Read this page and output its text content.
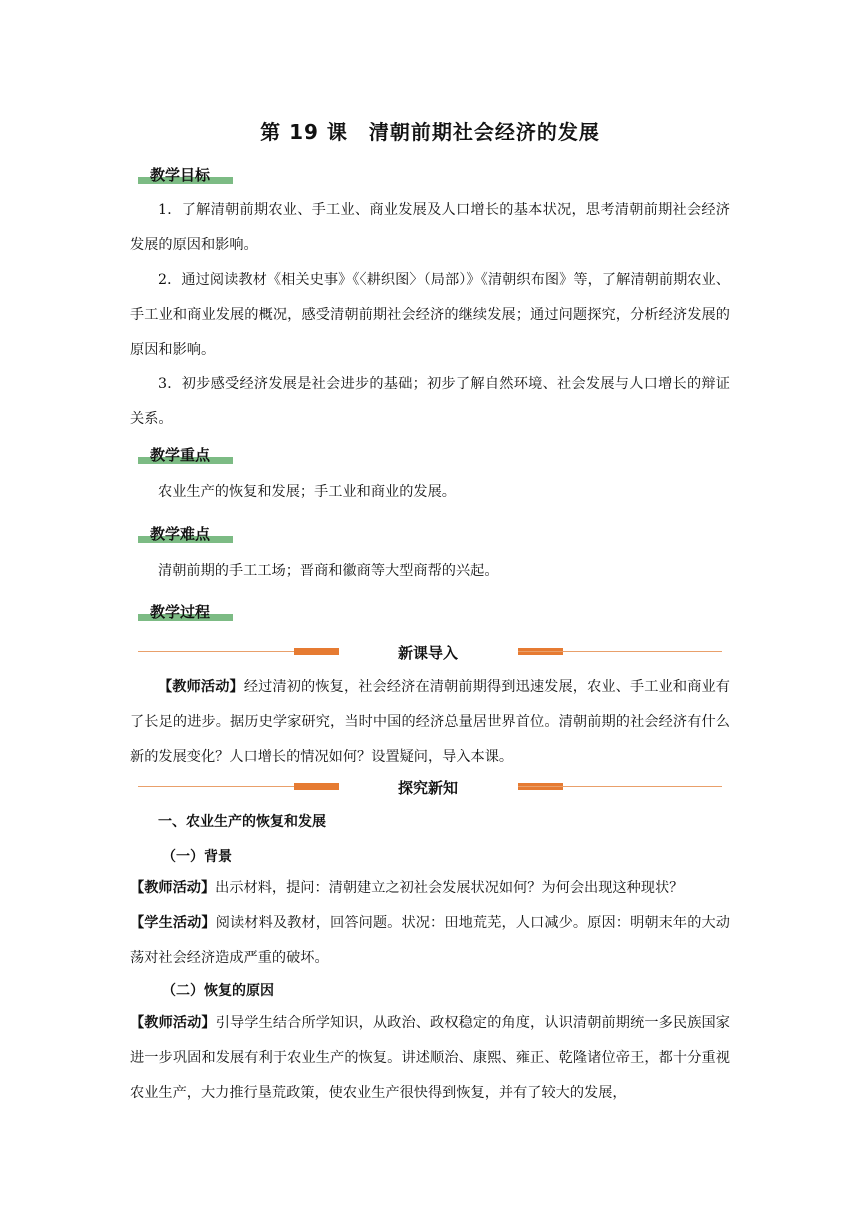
第 19 课　清朝前期社会经济的发展
教学目标
1．了解清朝前期农业、手工业、商业发展及人口增长的基本状况，思考清朝前期社会经济发展的原因和影响。
2．通过阅读教材《相关史事》《〈耕织图〉（局部）》《清朝织布图》等，了解清朝前期农业、手工业和商业发展的概况，感受清朝前期社会经济的继续发展；通过问题探究，分析经济发展的原因和影响。
3．初步感受经济发展是社会进步的基础；初步了解自然环境、社会发展与人口增长的辩证关系。
教学重点
农业生产的恢复和发展；手工业和商业的发展。
教学难点
清朝前期的手工工场；晋商和徽商等大型商帮的兴起。
教学过程
新课导入
【教师活动】经过清初的恢复，社会经济在清朝前期得到迅速发展，农业、手工业和商业有了长足的进步。据历史学家研究，当时中国的经济总量居世界首位。清朝前期的社会经济有什么新的发展变化？人口增长的情况如何？设置疑问，导入本课。
探究新知
一、农业生产的恢复和发展
（一）背景
【教师活动】出示材料，提问：清朝建立之初社会发展状况如何？为何会出现这种现状？
【学生活动】阅读材料及教材，回答问题。状况：田地荒芜，人口减少。原因：明朝末年的大动荡对社会经济造成严重的破坏。
（二）恢复的原因
【教师活动】引导学生结合所学知识，从政治、政权稳定的角度，认识清朝前期统一多民族国家进一步巩固和发展有利于农业生产的恢复。讲述顺治、康熙、雍正、乾隆诸位帝王，都十分重视农业生产，大力推行垦荒政策，使农业生产很快得到恢复，并有了较大的发展，
